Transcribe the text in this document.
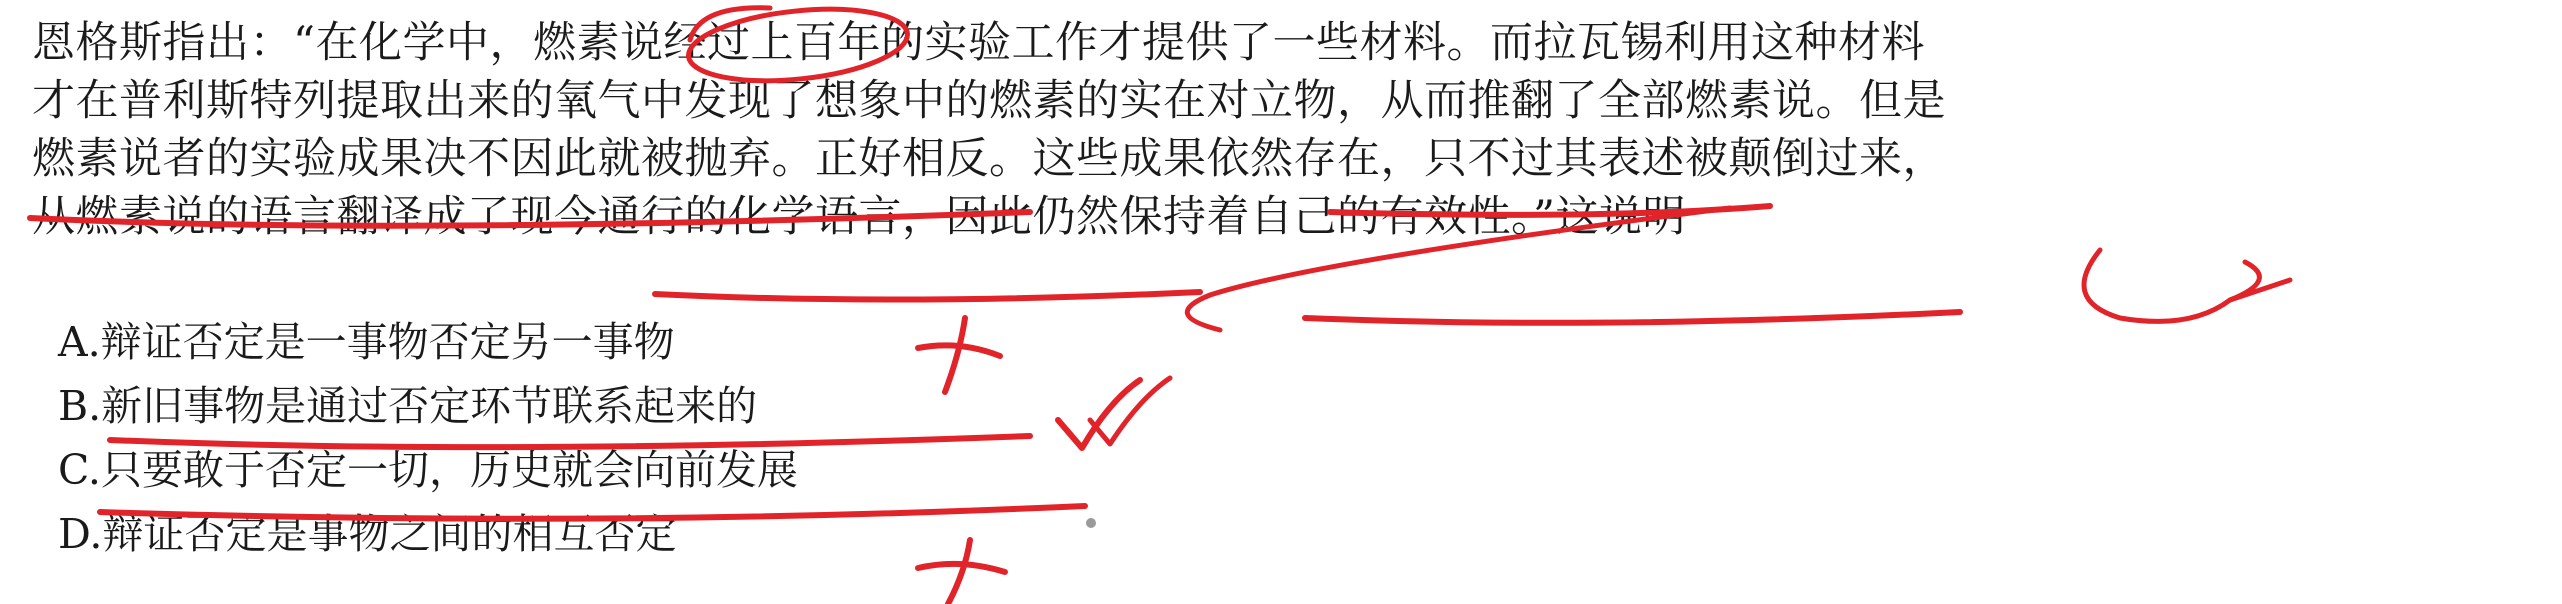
恩格斯指出：“在化学中，燃素说经过上百年的实验工作才提供了一些材料。而拉瓦锡利用这种材料
才在普利斯特列提取出来的氧气中发现了想象中的燃素的实在对立物，从而推翻了全部燃素说。但是
燃素说者的实验成果决不因此就被抛弃。正好相反。这些成果依然存在，只不过其表述被颠倒过来，
从燃素说的语言翻译成了现今通行的化学语言，因此仍然保持着自己的有效性。”这说明
A.辩证否定是一事物否定另一事物
B.新旧事物是通过否定环节联系起来的
C.只要敢于否定一切，历史就会向前发展
D.辩证否定是事物之间的相互否定
